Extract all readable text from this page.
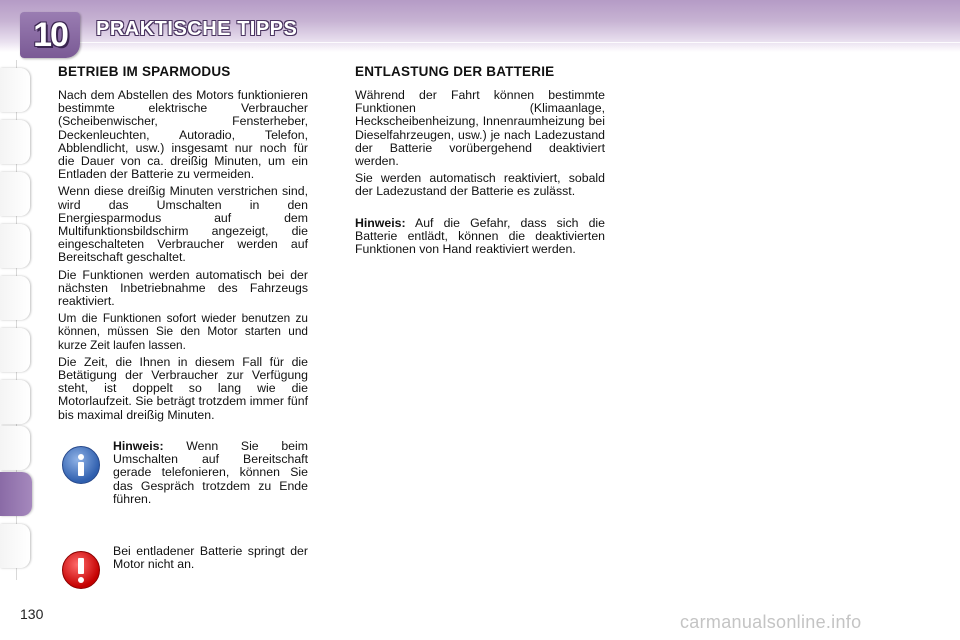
10	PRAKTISCHE TIPPS
BETRIEB IM SPARMODUS

Nach dem Abstellen des Motors funktionieren bestimmte elektrische Verbraucher (Scheibenwischer, Fensterheber, Deckenleuchten, Autoradio, Telefon, Abblendlicht, usw.) insgesamt nur noch für die Dauer von ca. dreißig Minuten, um ein Entladen der Batterie zu vermeiden.

Wenn diese dreißig Minuten verstrichen sind, wird das Umschalten in den Energiesparmodus auf dem Multifunktionsbildschirm angezeigt, die eingeschalteten Verbraucher werden auf Bereitschaft geschaltet.

Die Funktionen werden automatisch bei der nächsten Inbetriebnahme des Fahrzeugs reaktiviert.

Um die Funktionen sofort wieder benutzen zu können, müssen Sie den Motor starten und kurze Zeit laufen lassen.

Die Zeit, die Ihnen in diesem Fall für die Betätigung der Verbraucher zur Verfügung steht, ist doppelt so lang wie die Motorlaufzeit. Sie beträgt trotzdem immer fünf bis maximal dreißig Minuten.

Hinweis: Wenn Sie beim Umschalten auf Bereitschaft gerade telefonieren, können Sie das Gespräch trotzdem zu Ende führen.

Bei entladener Batterie springt der Motor nicht an.

ENTLASTUNG DER BATTERIE

Während der Fahrt können bestimmte Funktionen (Klimaanlage, Heckscheibenheizung, Innenraumheizung bei Dieselfahrzeugen, usw.) je nach Ladezustand der Batterie vorübergehend deaktiviert werden.

Sie werden automatisch reaktiviert, sobald der Ladezustand der Batterie es zulässt.

Hinweis: Auf die Gefahr, dass sich die Batterie entlädt, können die deaktivierten Funktionen von Hand reaktiviert werden.

130	carmanualsonline.info
